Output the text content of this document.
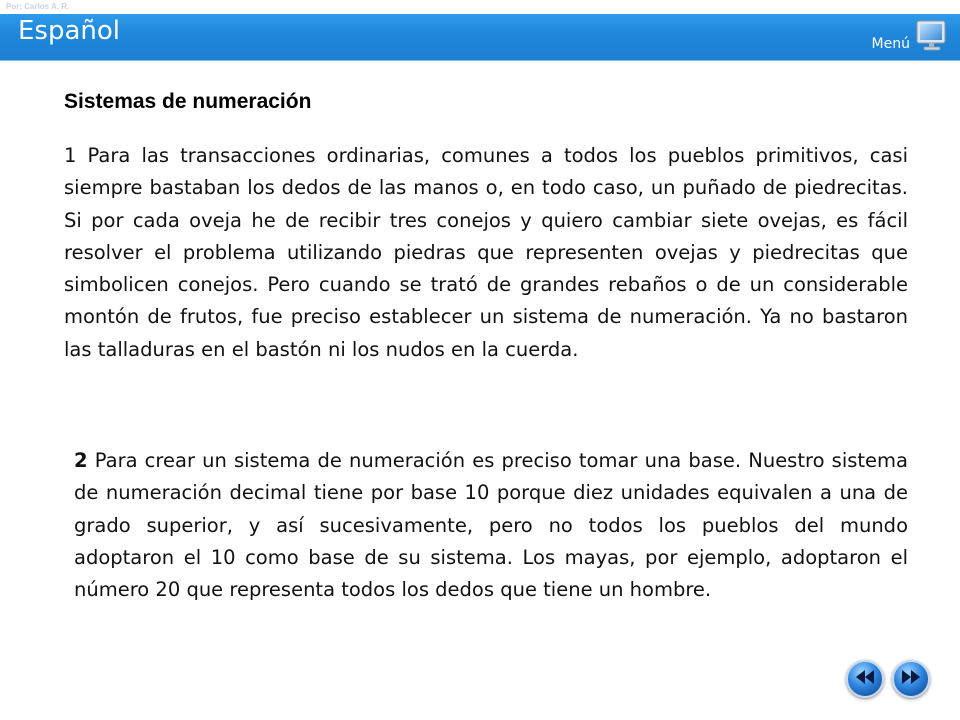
Por: Carlos A. R.
Español	Menú
Sistemas de numeración
1 Para las transacciones ordinarias, comunes a todos los pueblos primitivos, casi siempre bastaban los dedos de las manos o, en todo caso, un puñado de piedrecitas. Si por cada oveja he de recibir tres conejos y quiero cambiar siete ovejas, es fácil resolver el problema utilizando piedras que representen ovejas y piedrecitas que simbolicen conejos. Pero cuando se trató de grandes rebaños o de un considerable montón de frutos, fue preciso establecer un sistema de numeración. Ya no bastaron las talladuras en el bastón ni los nudos en la cuerda.
2 Para crear un sistema de numeración es preciso tomar una base. Nuestro sistema de numeración decimal tiene por base 10 porque diez unidades equivalen a una de grado superior, y así sucesivamente, pero no todos los pueblos del mundo adoptaron el 10 como base de su sistema. Los mayas, por ejemplo, adoptaron el número 20 que representa todos los dedos que tiene un hombre.
